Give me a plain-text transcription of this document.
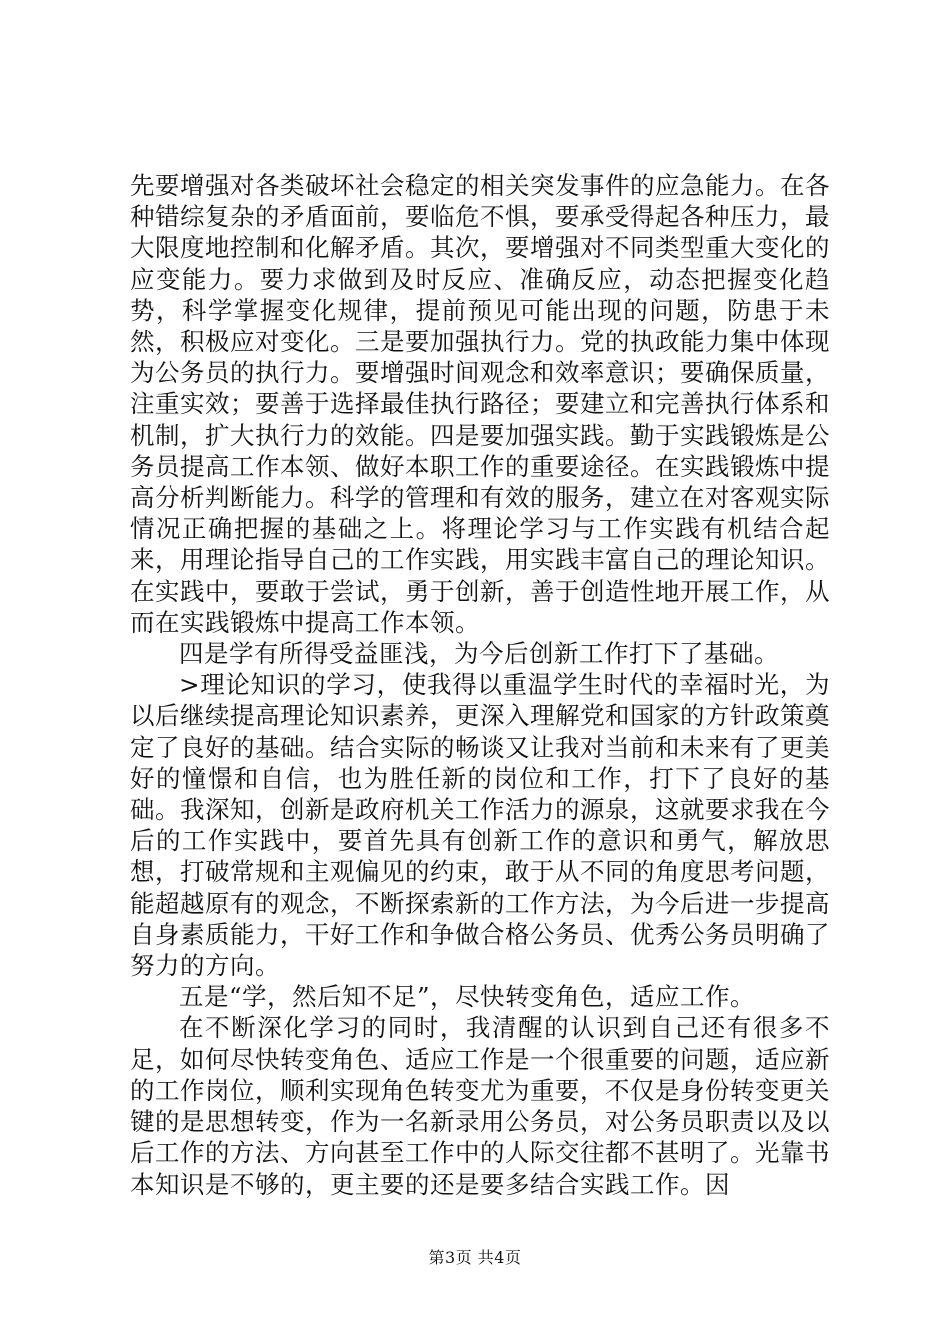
先要增强对各类破坏社会稳定的相关突发事件的应急能力。在各种错综复杂的矛盾面前，要临危不惧，要承受得起各种压力，最大限度地控制和化解矛盾。其次，要增强对不同类型重大变化的应变能力。要力求做到及时反应、准确反应，动态把握变化趋势，科学掌握变化规律，提前预见可能出现的问题，防患于未然，积极应对变化。三是要加强执行力。党的执政能力集中体现为公务员的执行力。要增强时间观念和效率意识；要确保质量，注重实效；要善于选择最佳执行路径；要建立和完善执行体系和机制，扩大执行力的效能。四是要加强实践。勤于实践锻炼是公务员提高工作本领、做好本职工作的重要途径。在实践锻炼中提高分析判断能力。科学的管理和有效的服务，建立在对客观实际情况正确把握的基础之上。将理论学习与工作实践有机结合起来，用理论指导自己的工作实践，用实践丰富自己的理论知识。在实践中，要敢于尝试，勇于创新，善于创造性地开展工作，从而在实践锻炼中提高工作本领。

四是学有所得受益匪浅，为今后创新工作打下了基础。

>理论知识的学习，使我得以重温学生时代的幸福时光，为以后继续提高理论知识素养，更深入理解党和国家的方针政策奠定了良好的基础。结合实际的畅谈又让我对当前和未来有了更美好的憧憬和自信，也为胜任新的岗位和工作，打下了良好的基础。我深知，创新是政府机关工作活力的源泉，这就要求我在今后的工作实践中，要首先具有创新工作的意识和勇气，解放思想，打破常规和主观偏见的约束，敢于从不同的角度思考问题，能超越原有的观念，不断探索新的工作方法，为今后进一步提高自身素质能力，干好工作和争做合格公务员、优秀公务员明确了努力的方向。

五是“学，然后知不足”，尽快转变角色，适应工作。

在不断深化学习的同时，我清醒的认识到自己还有很多不足，如何尽快转变角色、适应工作是一个很重要的问题，适应新的工作岗位，顺利实现角色转变尤为重要，不仅是身份转变更关键的是思想转变，作为一名新录用公务员，对公务员职责以及以后工作的方法、方向甚至工作中的人际交往都不甚明了。光靠书本知识是不够的，更主要的还是要多结合实践工作。因

第3页 共4页
